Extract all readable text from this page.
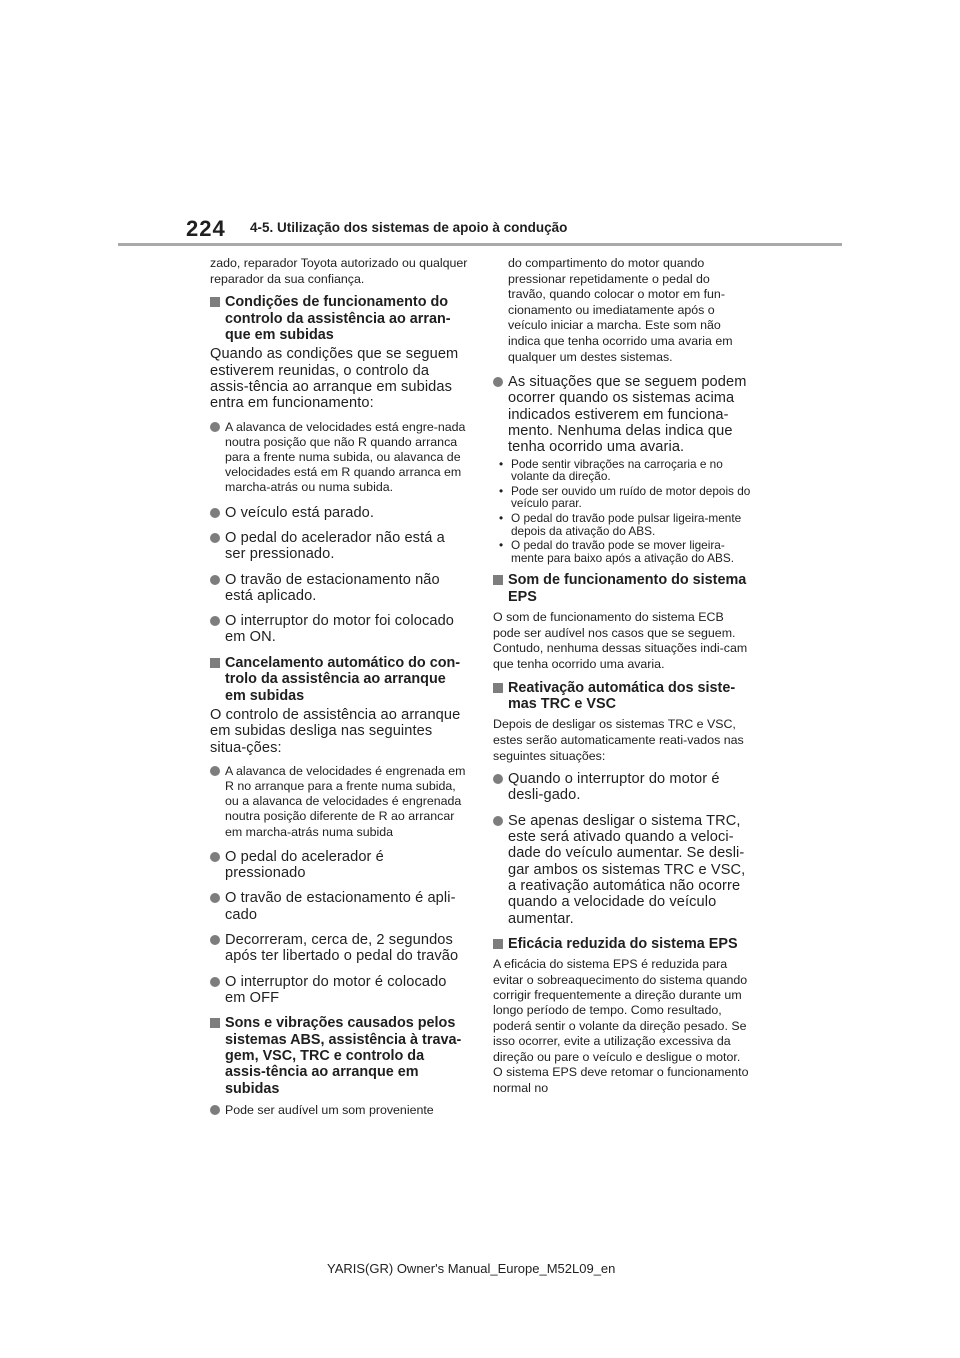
224 4-5. Utilização dos sistemas de apoio à condução

zado, reparador Toyota autorizado ou qualquer reparador da sua confiança.

Condições de funcionamento do controlo da assistência ao arran-que em subidas

Quando as condições que se seguem estiverem reunidas, o controlo da assis-tência ao arranque em subidas entra em funcionamento:

A alavanca de velocidades está engre-nada noutra posição que não R quando arranca para a frente numa subida, ou alavanca de velocidades está em R quando arranca em marcha-atrás ou numa subida.
O veículo está parado.
O pedal do acelerador não está a ser pressionado.
O travão de estacionamento não está aplicado.
O interruptor do motor foi colocado em ON.
Cancelamento automático do con-trolo da assistência ao arranque em subidas

O controlo de assistência ao arranque em subidas desliga nas seguintes situa-ções:

A alavanca de velocidades é engrenada em R no arranque para a frente numa subida, ou a alavanca de velocidades é engrenada noutra posição diferente de R ao arrancar em marcha-atrás numa subida
O pedal do acelerador é pressionado
O travão de estacionamento é apli-cado
Decorreram, cerca de, 2 segundos após ter libertado o pedal do travão
O interruptor do motor é colocado em OFF
Sons e vibrações causados pelos sistemas ABS, assistência à trava-gem, VSC, TRC e controlo da assis-tência ao arranque em subidas
Pode ser audível um som proveniente

do compartimento do motor quando pressionar repetidamente o pedal do travão, quando colocar o motor em fun-cionamento ou imediatamente após o veículo iniciar a marcha. Este som não indica que tenha ocorrido uma avaria em qualquer um destes sistemas.

As situações que se seguem podem ocorrer quando os sistemas acima indicados estiverem em funciona-mento. Nenhuma delas indica que tenha ocorrido uma avaria.
• Pode sentir vibrações na carroçaria e no volante da direção.
• Pode ser ouvido um ruído de motor depois do veículo parar.
• O pedal do travão pode pulsar ligeira-mente depois da ativação do ABS.
• O pedal do travão pode se mover ligeira-mente para baixo após a ativação do ABS.
Som de funcionamento do sistema EPS

O som de funcionamento do sistema ECB pode ser audível nos casos que se seguem. Contudo, nenhuma dessas situações indi-cam que tenha ocorrido uma avaria.

Reativação automática dos siste-mas TRC e VSC

Depois de desligar os sistemas TRC e VSC, estes serão automaticamente reati-vados nas seguintes situações:

Quando o interruptor do motor é desli-gado.
Se apenas desligar o sistema TRC, este será ativado quando a veloci-dade do veículo aumentar. Se desli-gar ambos os sistemas TRC e VSC, a reativação automática não ocorre quando a velocidade do veículo aumentar.
Eficácia reduzida do sistema EPS

A eficácia do sistema EPS é reduzida para evitar o sobreaquecimento do sistema quando corrigir frequentemente a direção durante um longo período de tempo. Como resultado, poderá sentir o volante da direção pesado. Se isso ocorrer, evite a utilização excessiva da direção ou pare o veículo e desligue o motor. O sistema EPS deve retomar o funcionamento normal no

YARIS(GR) Owner's Manual_Europe_M52L09_en
